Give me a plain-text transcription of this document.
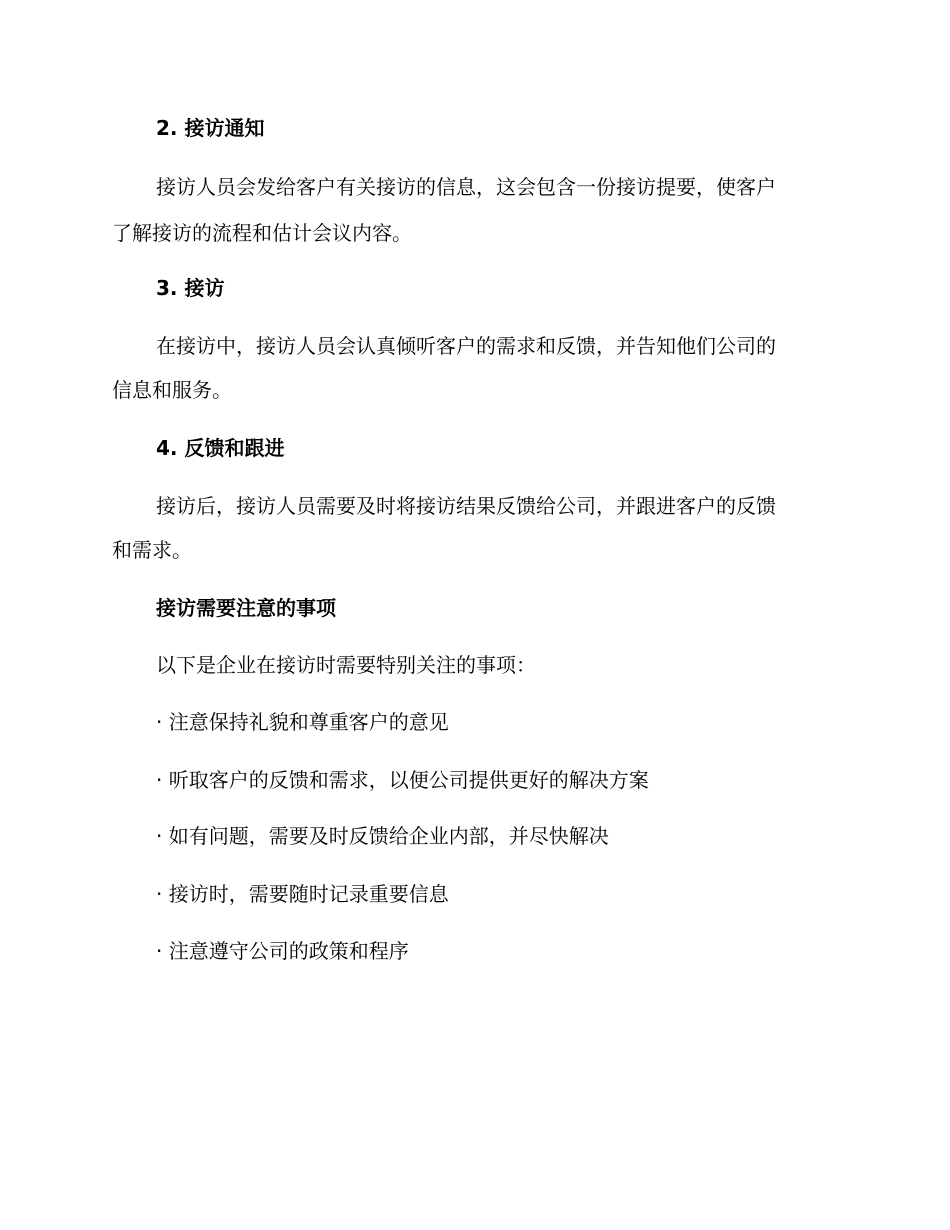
2. 接访通知
接访人员会发给客户有关接访的信息，这会包含一份接访提要，使客户
了解接访的流程和估计会议内容。
3. 接访
在接访中，接访人员会认真倾听客户的需求和反馈，并告知他们公司的
信息和服务。
4. 反馈和跟进
接访后，接访人员需要及时将接访结果反馈给公司，并跟进客户的反馈
和需求。
接访需要注意的事项
以下是企业在接访时需要特别关注的事项：
· 注意保持礼貌和尊重客户的意见
· 听取客户的反馈和需求，以便公司提供更好的解决方案
· 如有问题，需要及时反馈给企业内部，并尽快解决
· 接访时，需要随时记录重要信息
· 注意遵守公司的政策和程序
